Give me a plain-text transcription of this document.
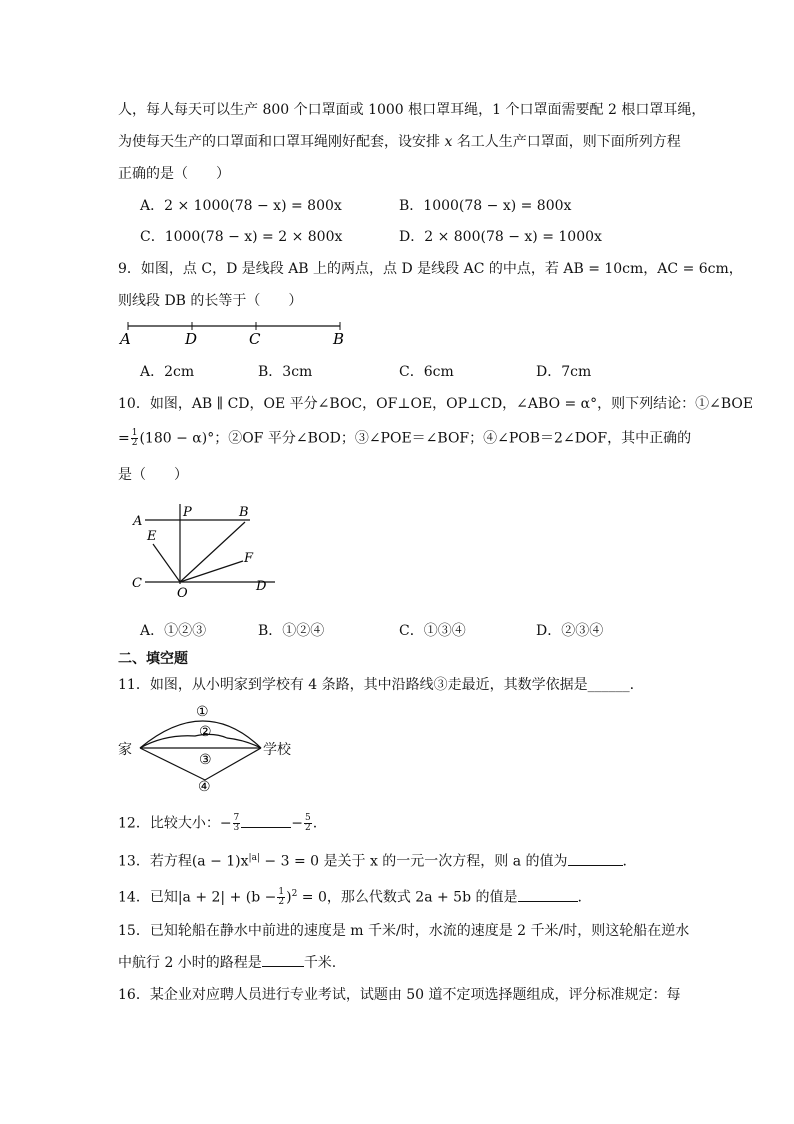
人，每人每天可以生产 800 个口罩面或 1000 根口罩耳绳，1 个口罩面需要配 2 根口罩耳绳，
为使每天生产的口罩面和口罩耳绳刚好配套，设安排 x 名工人生产口罩面，则下面所列方程
正确的是（　　）
A．2 × 1000(78 − x) = 800x	B．1000(78 − x) = 800x
C．1000(78 − x) = 2 × 800x	D．2 × 800(78 − x) = 1000x
9．如图，点 C，D 是线段 AB 上的两点，点 D 是线段 AC 的中点，若 AB = 10cm，AC = 6cm，
则线段 DB 的长等于（　　）
A	D	C	B
A．2cm	B．3cm	C．6cm	D．7cm
10．如图，AB ∥ CD，OE 平分∠BOC，OF⊥OE，OP⊥CD，∠ABO = α°，则下列结论：①∠BOE
= $\frac{1}{2} (180 - \alpha)^\circ$；②OF 平分∠BOD；③∠POE＝∠BOF；④∠POB＝2∠DOF，其中正确的
是（　　）
A
P	B
E
F
C
O	D
A．①②③	B．①②④	C．①③④	D．②③④
二、填空题
11．如图，从小明家到学校有 4 条路，其中沿路线③走最近，其数学依据是______.
家	学校
①
②
③
④
12．比较大小：− $\frac{7}{3}$	− $\frac{5}{2}$ .
13．若方程$(a - 1)x^{|a|} - 3 = 0$ 是关于 x 的一元一次方程，则 a 的值为	.
14．已知$|a + 2| + (b - \frac{1}{2} )^2 = 0$，那么代数式 2a + 5b 的值是	.
15．已知轮船在静水中前进的速度是 m 千米/时，水流的速度是 2 千米/时，则这轮船在逆水
中航行 2 小时的路程是	千米.
16．某企业对应聘人员进行专业考试，试题由 50 道不定项选择题组成，评分标准规定：每
